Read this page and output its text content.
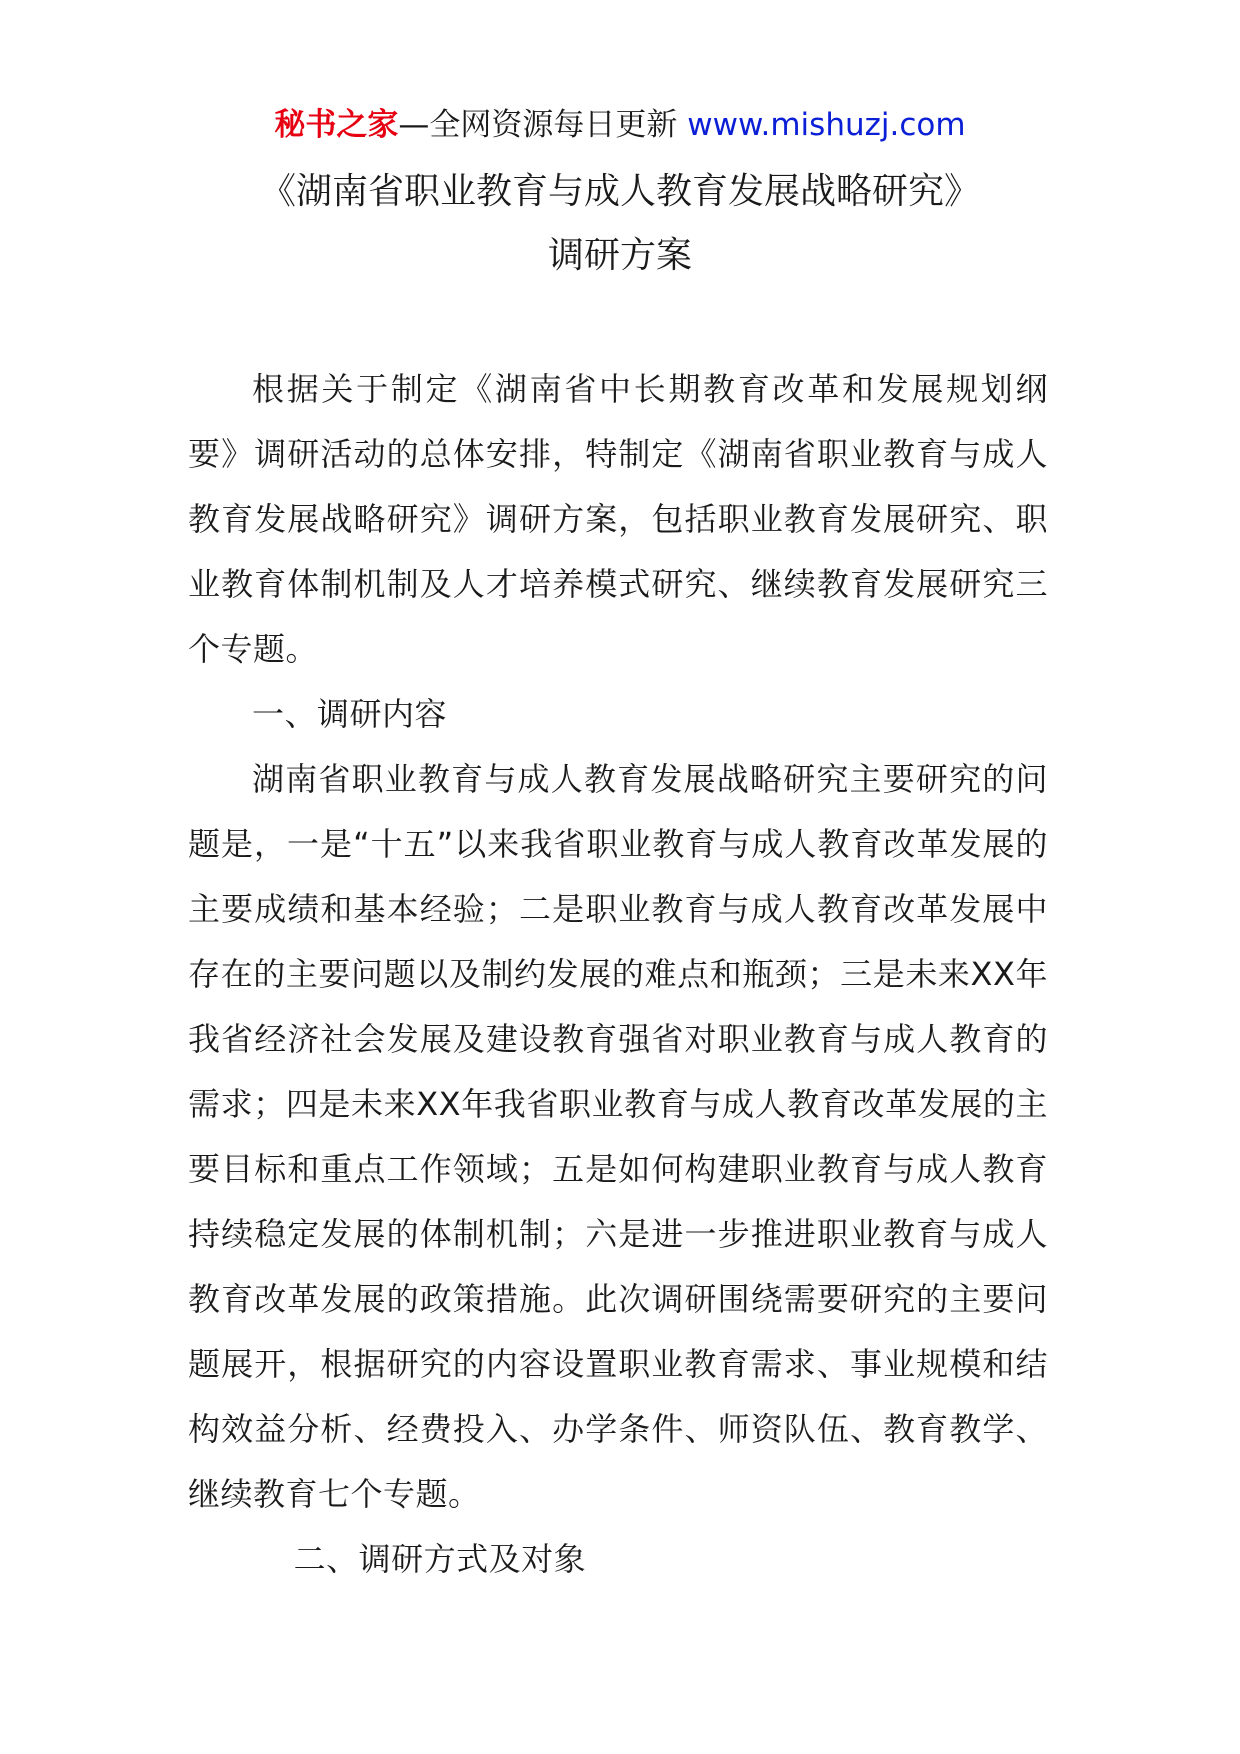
秘书之家—全网资源每日更新 www.mishuzj.com
《湖南省职业教育与成人教育发展战略研究》
调研方案

根据关于制定《湖南省中长期教育改革和发展规划纲要》调研活动的总体安排，特制定《湖南省职业教育与成人教育发展战略研究》调研方案，包括职业教育发展研究、职业教育体制机制及人才培养模式研究、继续教育发展研究三个专题。

一、调研内容

湖南省职业教育与成人教育发展战略研究主要研究的问题是，一是“十五”以来我省职业教育与成人教育改革发展的主要成绩和基本经验；二是职业教育与成人教育改革发展中存在的主要问题以及制约发展的难点和瓶颈；三是未来XX年我省经济社会发展及建设教育强省对职业教育与成人教育的需求；四是未来XX年我省职业教育与成人教育改革发展的主要目标和重点工作领域；五是如何构建职业教育与成人教育持续稳定发展的体制机制；六是进一步推进职业教育与成人教育改革发展的政策措施。此次调研围绕需要研究的主要问题展开，根据研究的内容设置职业教育需求、事业规模和结构效益分析、经费投入、办学条件、师资队伍、教育教学、继续教育七个专题。

二、调研方式及对象
